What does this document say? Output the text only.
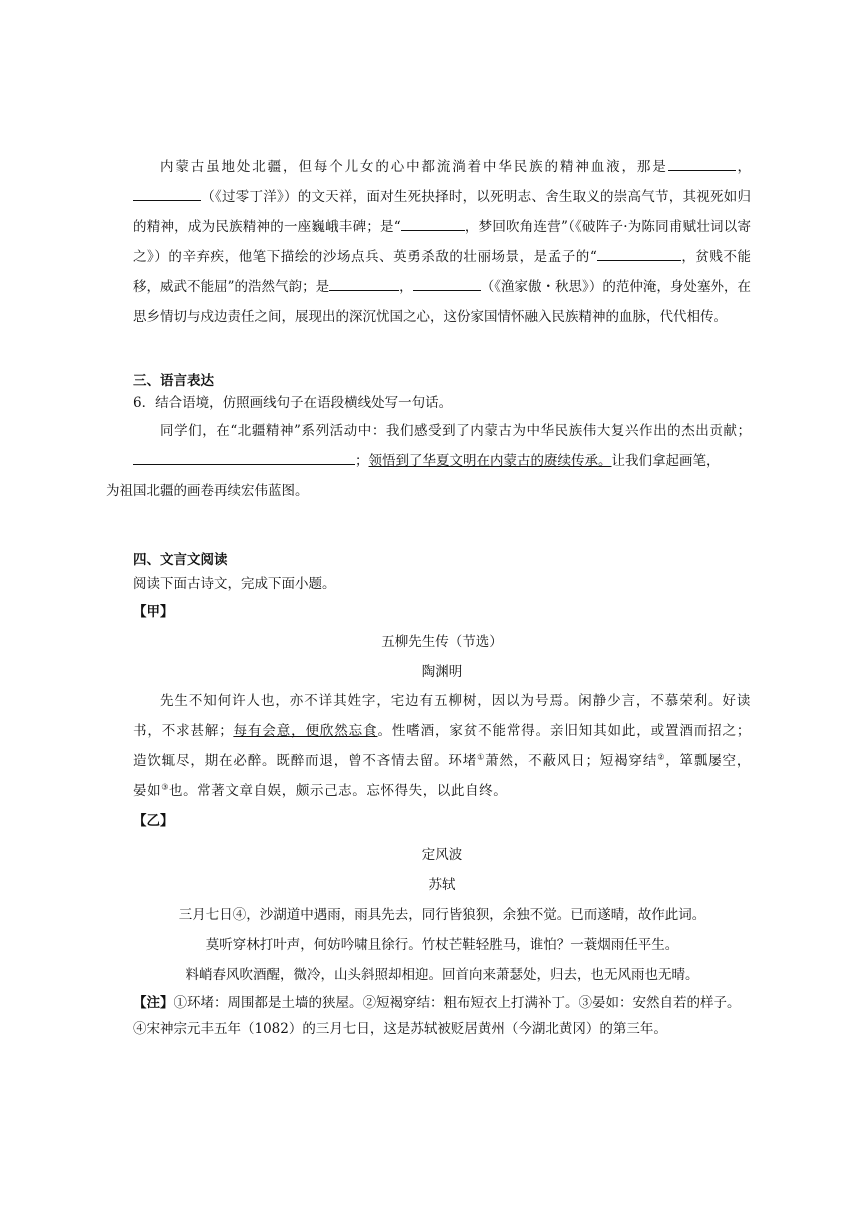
内蒙古虽地处北疆，但每个儿女的心中都流淌着中华民族的精神血液，那是	，（《过零丁洋》）的文天祥，面对生死抉择时，以死明志、舍生取义的崇高气节，其视死如归的精神，成为民族精神的一座巍峨丰碑；是“	，梦回吹角连营”（《破阵子·为陈同甫赋壮词以寄之》）的辛弃疾，他笔下描绘的沙场点兵、英勇杀敌的壮丽场景，是孟子的“	，贫贱不能移，威武不能屈”的浩然气韵；是	，	（《渔家傲・秋思》）的范仲淹，身处塞外，在思乡情切与戍边责任之间，展现出的深沉忧国之心，这份家国情怀融入民族精神的血脉，代代相传。

三、语言表达
6．结合语境，仿照画线句子在语段横线处写一句话。

同学们，在“北疆精神”系列活动中：我们感受到了内蒙古为中华民族伟大复兴作出的杰出贡献；；领悟到了华夏文明在内蒙古的赓续传承。让我们拿起画笔，
为祖国北疆的画卷再续宏伟蓝图。

四、文言文阅读
阅读下面古诗文，完成下面小题。
【甲】
五柳先生传（节选）
陶渊明

先生不知何许人也，亦不详其姓字，宅边有五柳树，因以为号焉。闲静少言，不慕荣利。好读书，不求甚解；每有会意，便欣然忘食。性嗜酒，家贫不能常得。亲旧知其如此，或置酒而招之；造饮辄尽，期在必醉。既醉而退，曾不吝情去留。环堵①萧然，不蔽风日；短褐穿结②，箪瓢屡空，晏如③也。常著文章自娱，颇示己志。忘怀得失，以此自终。

【乙】
定风波
苏轼
三月七日④，沙湖道中遇雨，雨具先去，同行皆狼狈，余独不觉。已而遂晴，故作此词。
莫听穿林打叶声，何妨吟啸且徐行。竹杖芒鞋轻胜马，谁怕？一蓑烟雨任平生。
料峭春风吹酒醒，微冷，山头斜照却相迎。回首向来萧瑟处，归去，也无风雨也无晴。

【注】①环堵：周围都是土墙的狭屋。②短褐穿结：粗布短衣上打满补丁。③晏如：安然自若的样子。④宋神宗元丰五年（1082）的三月七日，这是苏轼被贬居黄州（今湖北黄冈）的第三年。
